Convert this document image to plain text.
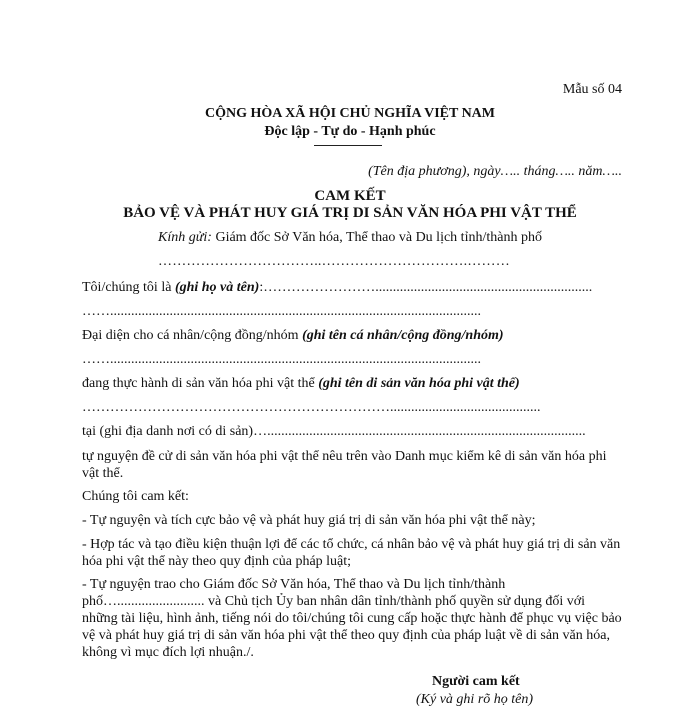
Mẫu số 04
CỘNG HÒA XÃ HỘI CHỦ NGHĨA VIỆT NAM
Độc lập - Tự do - Hạnh phúc
(Tên địa phương), ngày….. tháng….. năm…..
CAM KẾT
BẢO VỆ VÀ PHÁT HUY GIÁ TRỊ DI SẢN VĂN HÓA PHI VẬT THỂ
Kính gửi: Giám đốc Sở Văn hóa, Thể thao và Du lịch tỉnh/thành phố
……………………………..………………………….………
Tôi/chúng tôi là (ghi họ và tên):……………………..............................................................
……..........................................................................................................
Đại diện cho cá nhân/cộng đồng/nhóm (ghi tên cá nhân/cộng đồng/nhóm)
……..........................................................................................................
đang thực hành di sản văn hóa phi vật thể (ghi tên di sản văn hóa phi vật thể)
…………………………………………………………...........................................
tại (ghi địa danh nơi có di sản)…...........................................................................................
tự nguyện đề cử di sản văn hóa phi vật thể nêu trên vào Danh mục kiểm kê di sản văn hóa phi vật thể.
Chúng tôi cam kết:
- Tự nguyện và tích cực bảo vệ và phát huy giá trị di sản văn hóa phi vật thể này;
- Hợp tác và tạo điều kiện thuận lợi để các tổ chức, cá nhân bảo vệ và phát huy giá trị di sản văn hóa phi vật thể này theo quy định của pháp luật;
- Tự nguyện trao cho Giám đốc Sở Văn hóa, Thể thao và Du lịch tỉnh/thành phố…......................... và Chủ tịch Ủy ban nhân dân tỉnh/thành phố quyền sử dụng đối với những tài liệu, hình ảnh, tiếng nói do tôi/chúng tôi cung cấp hoặc thực hành để phục vụ việc bảo vệ và phát huy giá trị di sản văn hóa phi vật thể theo quy định của pháp luật về di sản văn hóa, không vì mục đích lợi nhuận./.
Người cam kết
(Ký và ghi rõ họ tên)
